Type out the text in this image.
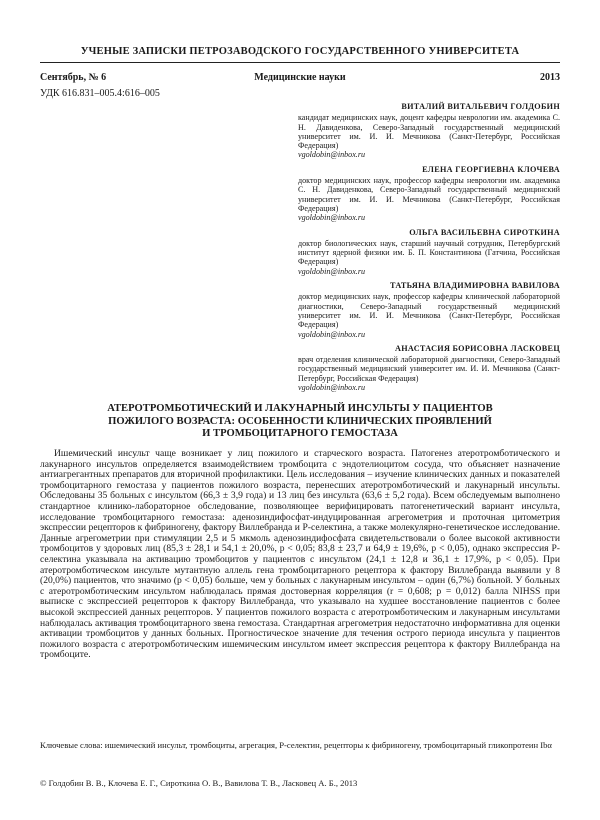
УЧЕНЫЕ ЗАПИСКИ ПЕТРОЗАВОДСКОГО ГОСУДАРСТВЕННОГО УНИВЕРСИТЕТА
Сентябрь, № 6	Медицинские науки	2013
УДК 616.831–005.4:616–005
ВИТАЛИЙ ВИТАЛЬЕВИЧ ГОЛДОБИН
кандидат медицинских наук, доцент кафедры неврологии им. академика С. Н. Давиденкова, Северо-Западный государственный медицинский университет им. И. И. Мечникова (Санкт-Петербург, Российская Федерация)
vgoldobin@inbox.ru
ЕЛЕНА ГЕОРГИЕВНА КЛОЧЕВА
доктор медицинских наук, профессор кафедры неврологии им. академика С. Н. Давиденкова, Северо-Западный государственный медицинский университет им. И. И. Мечникова (Санкт-Петербург, Российская Федерация)
vgoldobin@inbox.ru
ОЛЬГА ВАСИЛЬЕВНА СИРОТКИНА
доктор биологических наук, старший научный сотрудник, Петербургский институт ядерной физики им. Б. П. Константинова (Гатчина, Российская Федерация)
vgoldobin@inbox.ru
ТАТЬЯНА ВЛАДИМИРОВНА ВАВИЛОВА
доктор медицинских наук, профессор кафедры клинической лабораторной диагностики, Северо-Западный государственный медицинский университет им. И. И. Мечникова (Санкт-Петербург, Российская Федерация)
vgoldobin@inbox.ru
АНАСТАСИЯ БОРИСОВНА ЛАСКОВЕЦ
врач отделения клинической лабораторной диагностики, Северо-Западный государственный медицинский университет им. И. И. Мечникова (Санкт-Петербург, Российская Федерация)
vgoldobin@inbox.ru
АТЕРОТРОМБОТИЧЕСКИЙ И ЛАКУНАРНЫЙ ИНСУЛЬТЫ У ПАЦИЕНТОВ
ПОЖИЛОГО ВОЗРАСТА: ОСОБЕННОСТИ КЛИНИЧЕСКИХ ПРОЯВЛЕНИЙ
И ТРОМБОЦИТАРНОГО ГЕМОСТАЗА

Ишемический инсульт чаще возникает у лиц пожилого и старческого возраста. Патогенез атеротромботического и лакунарного инсультов определяется взаимодействием тромбоцита с эндотелиоцитом сосуда, что объясняет назначение антиагрегантных препаратов для вторичной профилактики. Цель исследования – изучение клинических данных и показателей тромбоцитарного гемостаза у пациентов пожилого возраста, перенесших атеротромботический и лакунарный инсульты. Обследованы 35 больных с инсультом (66,3 ± 3,9 года) и 13 лиц без инсульта (63,6 ± 5,2 года). Всем обследуемым выполнено стандартное клинико-лабораторное обследование, позволяющее верифицировать патогенетический вариант инсульта, исследование тромбоцитарного гемостаза: аденозиндифосфат-индуцированная агрегометрия и проточная цитометрия экспрессии рецепторов к фибриногену, фактору Виллебранда и Р-селектина, а также молекулярно-генетическое исследование. Данные агрегометрии при стимуляции 2,5 и 5 мкмоль аденозиндифосфата свидетельствовали о более высокой активности тромбоцитов у здоровых лиц (85,3 ± 28,1 и 54,1 ± 20,0%, p < 0,05; 83,8 ± 23,7 и 64,9 ± 19,6%, p < 0,05), однако экспрессия Р-селектина указывала на активацию тромбоцитов у пациентов с инсультом (24,1 ± 12,8 и 36,1 ± 17,9%, p < 0,05). При атеротромботическом инсульте мутантную аллель гена тромбоцитарного рецептора к фактору Виллебранда выявили у 8 (20,0%) пациентов, что значимо (p < 0,05) больше, чем у больных с лакунарным инсультом – один (6,7%) больной. У больных с атеротромботическим инсультом наблюдалась прямая достоверная корреляция (r = 0,608; p = 0,012) балла NIHSS при выписке с экспрессией рецепторов к фактору Виллебранда, что указывало на худшее восстановление пациентов с более высокой экспрессией данных рецепторов. У пациентов пожилого возраста с атеротромботическим и лакунарным инсультами наблюдалась активация тромбоцитарного звена гемостаза. Стандартная агрегометрия недостаточно информативна для оценки активации тромбоцитов у данных больных. Прогностическое значение для течения острого периода инсульта у пациентов пожилого возраста с атеротромботическим ишемическим инсультом имеет экспрессия рецептора к фактору Виллебранда на тромбоците.

Ключевые слова: ишемический инсульт, тромбоциты, агрегация, Р-селектин, рецепторы к фибриногену, тромбоцитарный гликопротеин Ibα
© Голдобин В. В., Клочева Е. Г., Сироткина О. В., Вавилова Т. В., Ласковец А. Б., 2013
